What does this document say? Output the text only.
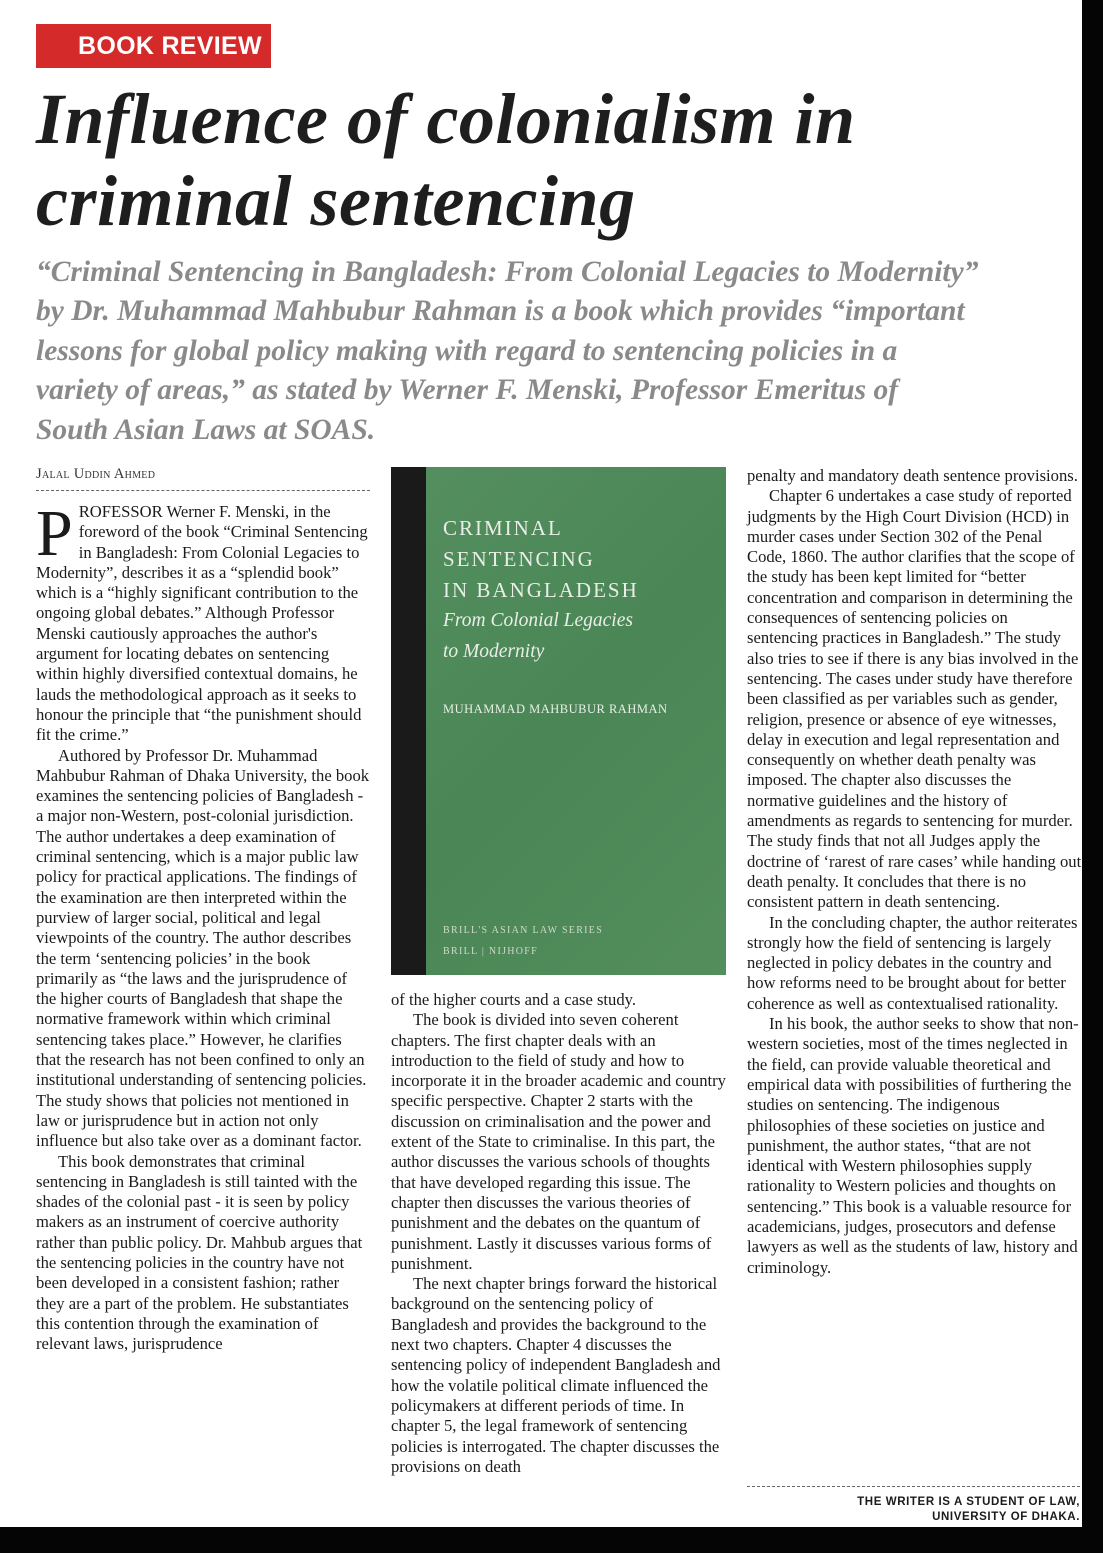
BOOK REVIEW
Influence of colonialism in criminal sentencing
“Criminal Sentencing in Bangladesh: From Colonial Legacies to Modernity”
by Dr. Muhammad Mahbubur Rahman is a book which provides “important
lessons for global policy making with regard to sentencing policies in a
variety of areas,” as stated by Werner F. Menski, Professor Emeritus of
South Asian Laws at SOAS.
Jalal Uddin Ahmed

PROFESSOR Werner F. Menski, in the foreword of the book “Criminal Sentencing in Bangladesh: From Colonial Legacies to Modernity”, describes it as a “splendid book” which is a “highly significant contribution to the ongoing global debates.” Although Professor Menski cautiously approaches the author's argument for locating debates on sentencing within highly diversified contextual domains, he lauds the methodological approach as it seeks to honour the principle that “the punishment should fit the crime.”

Authored by Professor Dr. Muhammad Mahbubur Rahman of Dhaka University, the book examines the sentencing policies of Bangladesh - a major non-Western, post-colonial jurisdiction. The author undertakes a deep examination of criminal sentencing, which is a major public law policy for practical applications. The findings of the examination are then interpreted within the purview of larger social, political and legal viewpoints of the country. The author describes the term ‘sentencing policies’ in the book primarily as “the laws and the jurisprudence of the higher courts of Bangladesh that shape the normative framework within which criminal sentencing takes place.” However, he clarifies that the research has not been confined to only an institutional understanding of sentencing policies. The study shows that policies not mentioned in law or jurisprudence but in action not only influence but also take over as a dominant factor.

This book demonstrates that criminal sentencing in Bangladesh is still tainted with the shades of the colonial past - it is seen by policy makers as an instrument of coercive authority rather than public policy. Dr. Mahbub argues that the sentencing policies in the country have not been developed in a consistent fashion; rather they are a part of the problem. He substantiates this contention through the examination of relevant laws, jurisprudence

CRIMINAL
SENTENCING
IN BANGLADESH
From Colonial Legacies
to Modernity
MUHAMMAD MAHBUBUR RAHMAN
BRILL'S ASIAN LAW SERIES
BRILL | NIJHOFF

of the higher courts and a case study.

The book is divided into seven coherent chapters. The first chapter deals with an introduction to the field of study and how to incorporate it in the broader academic and country specific perspective. Chapter 2 starts with the discussion on criminalisation and the power and extent of the State to criminalise. In this part, the author discusses the various schools of thoughts that have developed regarding this issue. The chapter then discusses the various theories of punishment and the debates on the quantum of punishment. Lastly it discusses various forms of punishment.

The next chapter brings forward the historical background on the sentencing policy of Bangladesh and provides the background to the next two chapters. Chapter 4 discusses the sentencing policy of independent Bangladesh and how the volatile political climate influenced the policymakers at different periods of time. In chapter 5, the legal framework of sentencing policies is interrogated. The chapter discusses the provisions on death

penalty and mandatory death sentence provisions.

Chapter 6 undertakes a case study of reported judgments by the High Court Division (HCD) in murder cases under Section 302 of the Penal Code, 1860. The author clarifies that the scope of the study has been kept limited for “better concentration and comparison in determining the consequences of sentencing policies on sentencing practices in Bangladesh.” The study also tries to see if there is any bias involved in the sentencing. The cases under study have therefore been classified as per variables such as gender, religion, presence or absence of eye witnesses, delay in execution and legal representation and consequently on whether death penalty was imposed. The chapter also discusses the normative guidelines and the history of amendments as regards to sentencing for murder. The study finds that not all Judges apply the doctrine of ‘rarest of rare cases’ while handing out death penalty. It concludes that there is no consistent pattern in death sentencing.

In the concluding chapter, the author reiterates strongly how the field of sentencing is largely neglected in policy debates in the country and how reforms need to be brought about for better coherence as well as contextualised rationality.

In his book, the author seeks to show that non-western societies, most of the times neglected in the field, can provide valuable theoretical and empirical data with possibilities of furthering the studies on sentencing. The indigenous philosophies of these societies on justice and punishment, the author states, “that are not identical with Western philosophies supply rationality to Western policies and thoughts on sentencing.” This book is a valuable resource for academicians, judges, prosecutors and defense lawyers as well as the students of law, history and criminology.

THE WRITER IS A STUDENT OF LAW,
UNIVERSITY OF DHAKA.
